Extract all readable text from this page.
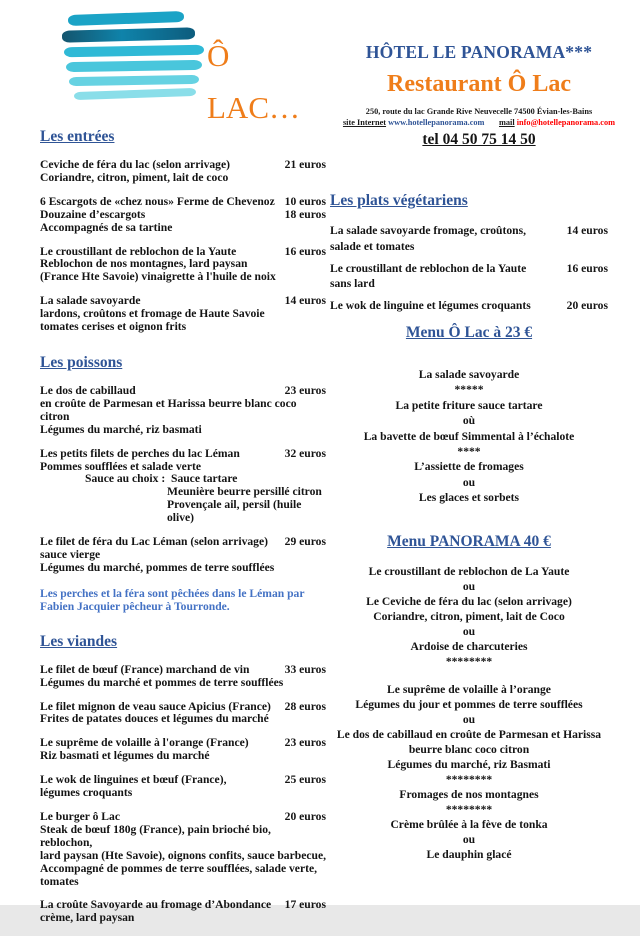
Ô
LAC…
HÔTEL LE PANORAMA***
Restaurant Ô Lac
250, route du lac Grande Rive Neuvecelle 74500 Évian-les-Bains
site Internet www.hotellepanorama.com mail info@hotellepanorama.com
tel 04 50 75 14 50
Les entrées
Ceviche de féra du lac (selon arrivage)	21 euros
Coriandre, citron, piment, lait de coco
6 Escargots de «chez nous» Ferme de Chevenoz 10 euros
Douzaine d’escargots	18 euros
Accompagnés de sa tartine
Le croustillant de reblochon de la Yaute	16 euros
Reblochon de nos montagnes, lard paysan
(France Hte Savoie) vinaigrette à l'huile de noix
La salade savoyarde	14 euros
lardons, croûtons et fromage de Haute Savoie
tomates cerises et oignon frits
Les poissons
Le dos de cabillaud	23 euros
en croûte de Parmesan et Harissa beurre blanc coco citron
Légumes du marché, riz basmati
Les petits filets de perches du lac Léman	32 euros
Pommes soufflées et salade verte
Sauce au choix :  Sauce tartare
Meunière beurre persillé citron
Provençale ail, persil (huile olive)
Le filet de féra du Lac Léman (selon arrivage)	29 euros
sauce vierge
Légumes du marché, pommes de terre soufflées
Les perches et la féra sont pêchées dans le Léman par Fabien Jacquier pêcheur à Tourronde.
Les viandes
Le filet de bœuf (France) marchand de vin	33 euros
Légumes du marché et pommes de terre soufflées
Le filet mignon de veau sauce Apicius (France)	28 euros
Frites de patates douces et légumes du marché
Le suprême de volaille à l'orange (France)	23 euros
Riz basmati et légumes du marché
Le wok de linguines et bœuf (France),	25 euros
légumes croquants
Le burger ô Lac	20 euros
Steak de bœuf 180g (France), pain brioché bio, reblochon,
lard paysan (Hte Savoie), oignons confits, sauce barbecue,
Accompagné de pommes de terre soufflées, salade verte,
tomates
La croûte Savoyarde au fromage d’Abondance	17 euros
crème, lard paysan
Les plats végétariens
La salade savoyarde fromage, croûtons,	14 euros
salade et tomates
Le croustillant de reblochon de la Yaute	16 euros
sans lard
Le wok de linguine et légumes croquants	20 euros
Menu Ô Lac à 23 €
La salade savoyarde
*****
La petite friture sauce tartare
où
La bavette de bœuf Simmental à l’échalote
****
L’assiette de fromages
ou
Les glaces et sorbets
Menu PANORAMA 40 €
Le croustillant de reblochon de La Yaute
ou
Le Ceviche de féra du lac (selon arrivage)
Coriandre, citron, piment, lait de Coco
ou
Ardoise de charcuteries
********
Le suprême de volaille à l’orange
Légumes du jour et pommes de terre soufflées
ou
Le dos de cabillaud en croûte de Parmesan et Harissa
beurre blanc coco citron
Légumes du marché, riz Basmati
********
Fromages de nos montagnes
********
Crème brûlée à la fève de tonka
ou
Le dauphin glacé
